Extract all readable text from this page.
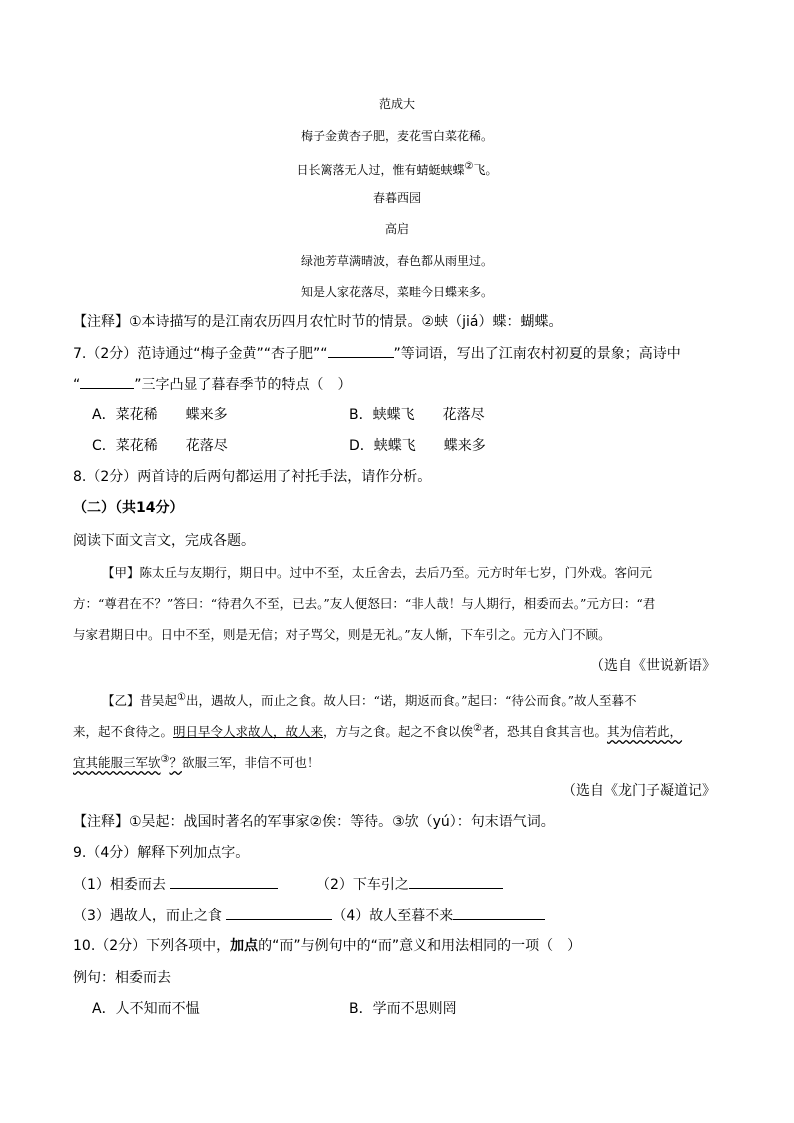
范成大
梅子金黄杏子肥，麦花雪白菜花稀。
日长篱落无人过，惟有蜻蜓蛱蝶②飞。
春暮西园
高启
绿池芳草满晴波，春色都从雨里过。
知是人家花落尽，菜畦今日蝶来多。
【注释】①本诗描写的是江南农历四月农忙时节的情景。②蛱（jiá）蝶：蝴蝶。
7.（2分）范诗通过“梅子金黄”“杏子肥”“	”等词语，写出了江南农村初夏的景象；高诗中
“	”三字凸显了暮春季节的特点（　）
A．菜花稀　　蝶来多	B．蛱蝶飞　　花落尽
C．菜花稀　　花落尽	D．蛱蝶飞　　蝶来多
8.（2分）两首诗的后两句都运用了衬托手法，请作分析。
（二）（共14分）
阅读下面文言文，完成各题。
【甲】陈太丘与友期行，期日中。过中不至，太丘舍去，去后乃至。元方时年七岁，门外戏。客问元
方：“尊君在不？”答曰：“待君久不至，已去。”友人便怒曰：“非人哉！与人期行，相委而去。”元方曰：“君
与家君期日中。日中不至，则是无信；对子骂父，则是无礼。”友人惭，下车引之。元方入门不顾。
（选自《世说新语》
【乙】昔吴起①出，遇故人，而止之食。故人曰：“诺，期返而食。”起曰：“待公而食。”故人至暮不
来，起不食待之。明日早令人求故人，故人来，方与之食。起之不食以俟②者，恐其自食其言也。其为信若此，
宜其能服三军欤③？欲服三军，非信不可也！
（选自《龙门子凝道记》
【注释】①吴起：战国时著名的军事家②俟：等待。③欤（yú）：句末语气词。
9.（4分）解释下列加点字。
（1）相委而去	（2）下车引之
（3）遇故人，而止之食	（4）故人至暮不来
10.（2分）下列各项中，加点的“而”与例句中的“而”意义和用法相同的一项（　）
例句：相委而去
A．人不知而不愠	B．学而不思则罔
